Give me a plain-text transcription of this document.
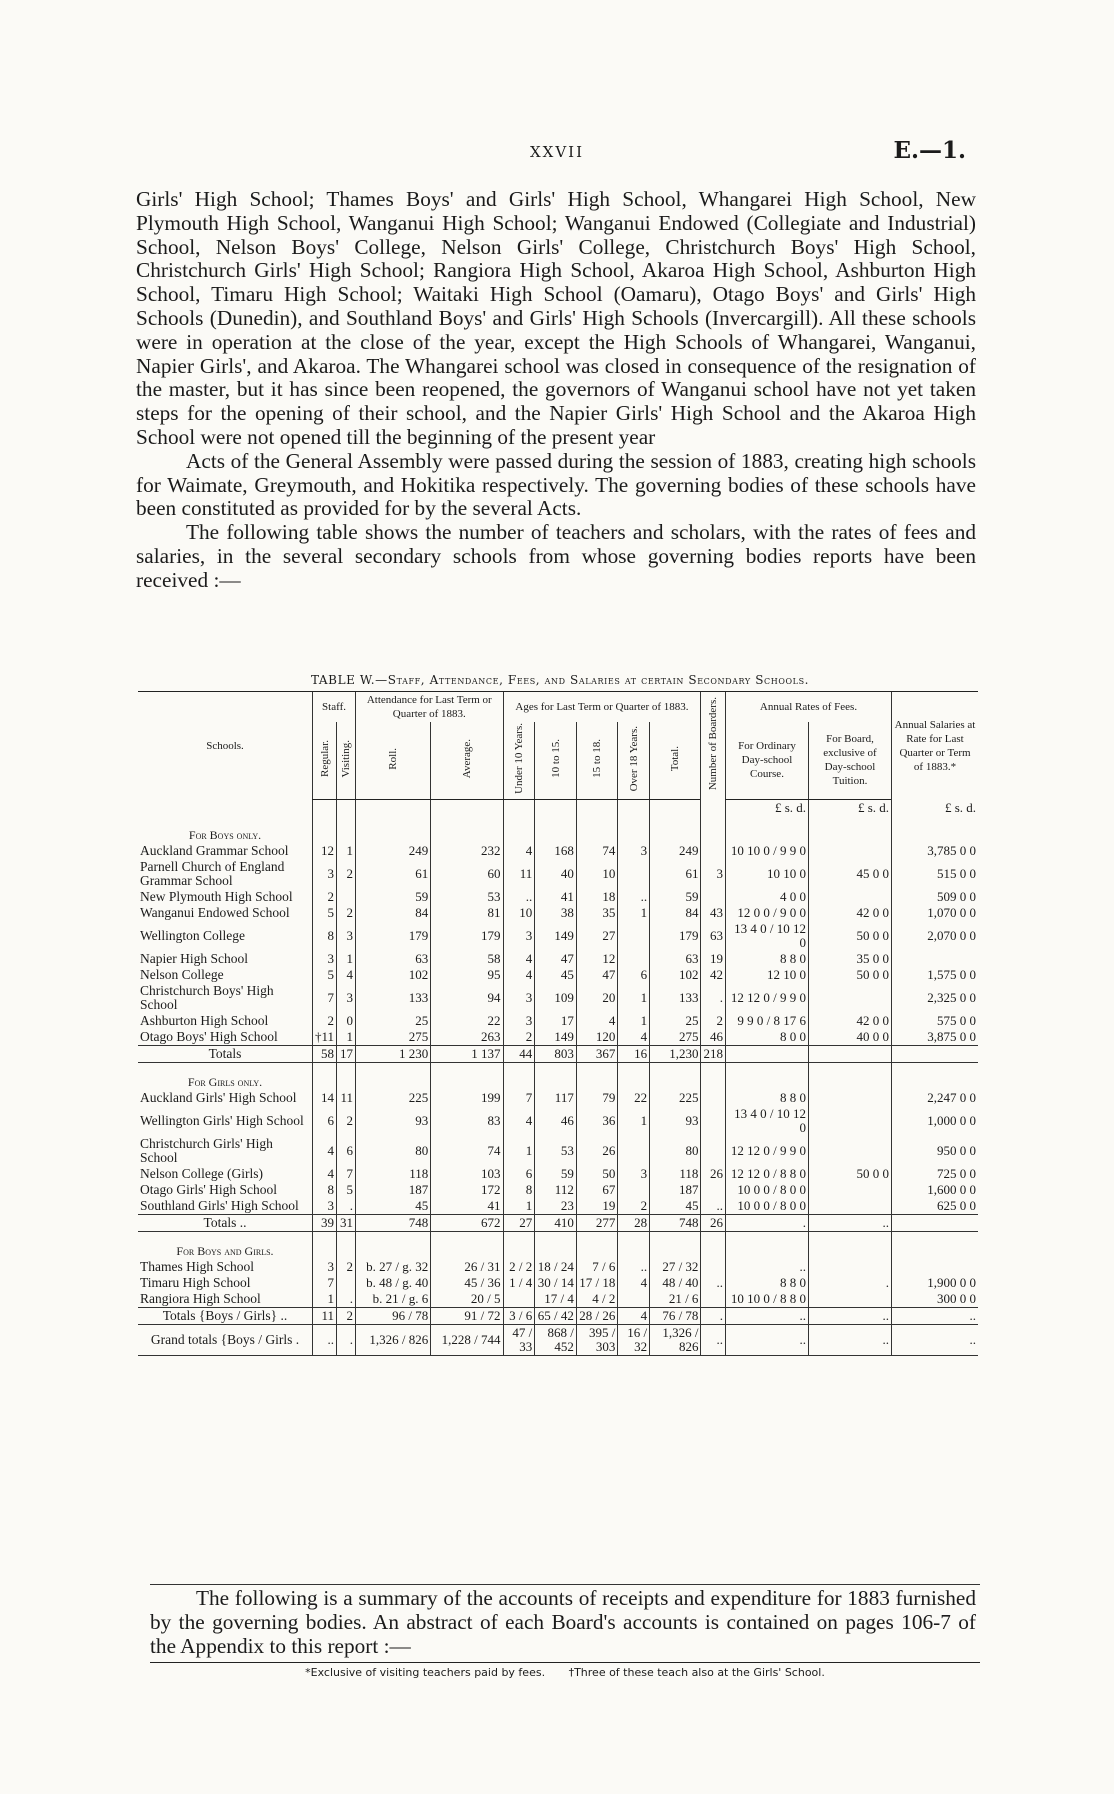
XXVII	E.—1.

Girls' High School; Thames Boys' and Girls' High School, Whangarei High School, New Plymouth High School, Wanganui High School; Wanganui Endowed (Collegiate and Industrial) School, Nelson Boys' College, Nelson Girls' College, Christchurch Boys' High School, Christchurch Girls' High School; Rangiora High School, Akaroa High School, Ashburton High School, Timaru High School; Waitaki High School (Oamaru), Otago Boys' and Girls' High Schools (Dunedin), and Southland Boys' and Girls' High Schools (Invercargill). All these schools were in operation at the close of the year, except the High Schools of Whangarei, Wanganui, Napier Girls', and Akaroa. The Whangarei school was closed in consequence of the resignation of the master, but it has since been reopened, the governors of Wanganui school have not yet taken steps for the opening of their school, and the Napier Girls' High School and the Akaroa High School were not opened till the beginning of the present year

Acts of the General Assembly were passed during the session of 1883, creating high schools for Waimate, Greymouth, and Hokitika respectively. The governing bodies of these schools have been constituted as provided for by the several Acts.

The following table shows the number of teachers and scholars, with the rates of fees and salaries, in the several secondary schools from whose governing bodies reports have been received :—

TABLE W.—Staff, Attendance, Fees, and Salaries at certain Secondary Schools.
Schools.	Staff.		Attendance for Last Term or Quarter of 1883.		Ages for Last Term or Quarter of 1883.					Number of Boarders.	Annual Rates of Fees.		Annual Salaries at Rate for Last Quarter or Term of 1883.*
	Regular.	Visiting.	Roll.	Average.	Under 10 Years.	10 to 15.	15 to 18.	Over 18 Years.	Total.		For Ordinary Day-school Course.	For Board, exclusive of Day-school Tuition.	
											£ s. d.	£ s. d.	£ s. d.
For Boys only.													
Auckland Grammar School	12	1	249	232	4	168	74	3	249		10 10 0 / 9 9 0		3,785 0 0
Parnell Church of England Grammar School	3	2	61	60	11	40	10		61	3	10 10 0	45 0 0	515 0 0
New Plymouth High School	2		59	53	..	41	18	..	59		4 0 0		509 0 0
Wanganui Endowed School	5	2	84	81	10	38	35	1	84	43	12 0 0 / 9 0 0	42 0 0	1,070 0 0
Wellington College	8	3	179	179	3	149	27		179	63	13 4 0 / 10 12 0	50 0 0	2,070 0 0
Napier High School	3	1	63	58	4	47	12		63	19	8 8 0	35 0 0	
Nelson College	5	4	102	95	4	45	47	6	102	42	12 10 0	50 0 0	1,575 0 0
Christchurch Boys' High School	7	3	133	94	3	109	20	1	133	.	12 12 0 / 9 9 0		2,325 0 0
Ashburton High School	2	0	25	22	3	17	4	1	25	2	9 9 0 / 8 17 6	42 0 0	575 0 0
Otago Boys' High School	†11	1	275	263	2	149	120	4	275	46	8 0 0	40 0 0	3,875 0 0
Totals	58	17	1 230	1 137	44	803	367	16	1,230	218			
For Girls only.													
Auckland Girls' High School	14	11	225	199	7	117	79	22	225		8 8 0		2,247 0 0
Wellington Girls' High School	6	2	93	83	4	46	36	1	93		13 4 0 / 10 12 0		1,000 0 0
Christchurch Girls' High School	4	6	80	74	1	53	26		80		12 12 0 / 9 9 0		950 0 0
Nelson College (Girls)	4	7	118	103	6	59	50	3	118	26	12 12 0 / 8 8 0	50 0 0	725 0 0
Otago Girls' High School	8	5	187	172	8	112	67		187		10 0 0 / 8 0 0		1,600 0 0
Southland Girls' High School	3	.	45	41	1	23	19	2	45	..	10 0 0 / 8 0 0		625 0 0
Totals ..	39	31	748	672	27	410	277	28	748	26	.	..	
For Boys and Girls.													
Thames High School	3	2	b. 27 / g. 32	26 / 31	2 / 2	18 / 24	7 / 6	..	27 / 32		..		
Timaru High School	7		b. 48 / g. 40	45 / 36	1 / 4	30 / 14	17 / 18	4	48 / 40	..	8 8 0	.	1,900 0 0
Rangiora High School	1	.	b. 21 / g. 6	20 / 5		17 / 4	4 / 2		21 / 6		10 10 0 / 8 8 0		300 0 0
Totals {Boys / Girls} ..	11	2	96 / 78	91 / 72	3 / 6	65 / 42	28 / 26	4	76 / 78	.	..	..	..
Grand totals {Boys / Girls .	..	.	1,326 / 826	1,228 / 744	47 / 33	868 / 452	395 / 303	16 / 32	1,326 / 826	..	..	..	..

The following is a summary of the accounts of receipts and expenditure for 1883 furnished by the governing bodies. An abstract of each Board's accounts is contained on pages 106-7 of the Appendix to this report :—

*Exclusive of visiting teachers paid by fees. †Three of these teach also at the Girls' School.
